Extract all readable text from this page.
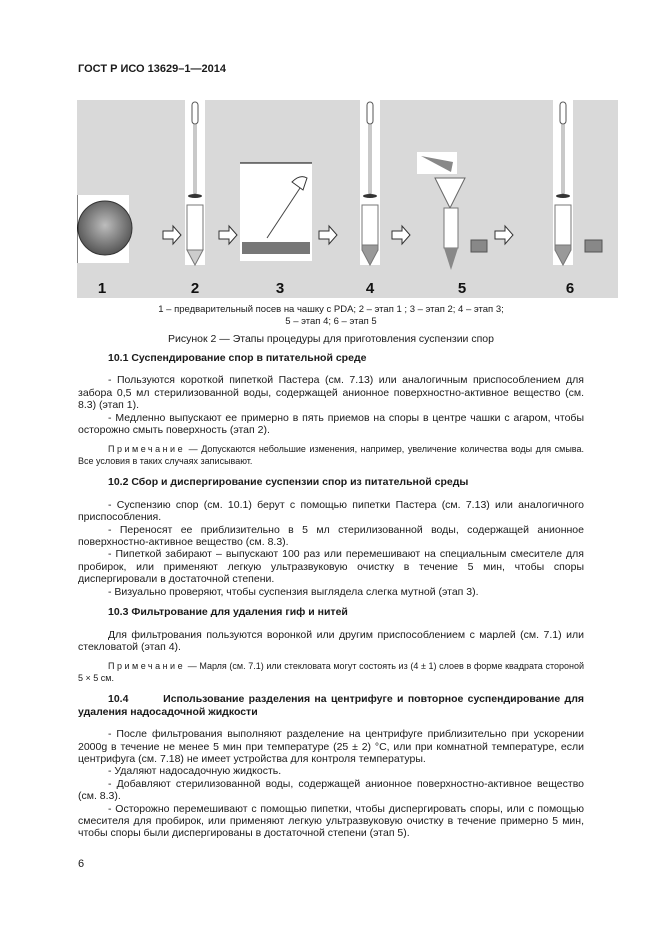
ГОСТ Р ИСО 13629–1—2014
1	2	3	4	5	6
1 – предварительный посев на чашку с PDA; 2 – этап 1 ; 3 – этап 2; 4 – этап 3;
5 – этап 4; 6 – этап 5
Рисунок 2 — Этапы процедуры для приготовления суспензии спор
10.1 Суспендирование спор в питательной среде

- Пользуются короткой пипеткой Пастера (см. 7.13) или аналогичным приспособлением для забора 0,5 мл стерилизованной воды, содержащей анионное поверхностно-активное вещество (см. 8.3) (этап 1).

- Медленно выпускают ее примерно в пять приемов на споры в центре чашки с агаром, чтобы осторожно смыть поверхность (этап 2).

Примечание — Допускаются небольшие изменения, например, увеличение количества воды для смыва. Все условия в таких случаях записывают.

10.2 Сбор и диспергирование суспензии спор из питательной среды

- Суспензию спор (см. 10.1) берут с помощью пипетки Пастера (см. 7.13) или аналогичного приспособления.

- Переносят ее приблизительно в 5 мл стерилизованной воды, содержащей анионное поверхностно-активное вещество (см. 8.3).

- Пипеткой забирают – выпускают 100 раз или перемешивают на специальным смесителе для пробирок, или применяют легкую ультразвуковую очистку в течение 5 мин, чтобы споры диспергировали в достаточной степени.

- Визуально проверяют, чтобы суспензия выглядела слегка мутной (этап 3).

10.3 Фильтрование для удаления гиф и нитей

Для фильтрования пользуются воронкой или другим приспособлением с марлей (см. 7.1) или стекловатой (этап 4).

Примечание — Марля (см. 7.1) или стекловата могут состоять из (4 ± 1) слоев в форме квадрата стороной 5 × 5 см.

10.4        Использование разделения на центрифуге и повторное суспендирование для удаления надосадочной жидкости

- После фильтрования выполняют разделение на центрифуге приблизительно при ускорении 2000g в течение не менее 5 мин при температуре (25 ± 2) °С, или при комнатной температуре, если центрифуга (см. 7.18) не имеет устройства для контроля температуры.

- Удаляют надосадочную жидкость.

- Добавляют стерилизованной воды, содержащей анионное поверхностно-активное вещество (см. 8.3).

- Осторожно перемешивают с помощью пипетки, чтобы диспергировать споры, или с помощью смесителя для пробирок, или применяют легкую ультразвуковую очистку в течение примерно 5 мин, чтобы споры были диспергированы в достаточной степени (этап 5).

6
